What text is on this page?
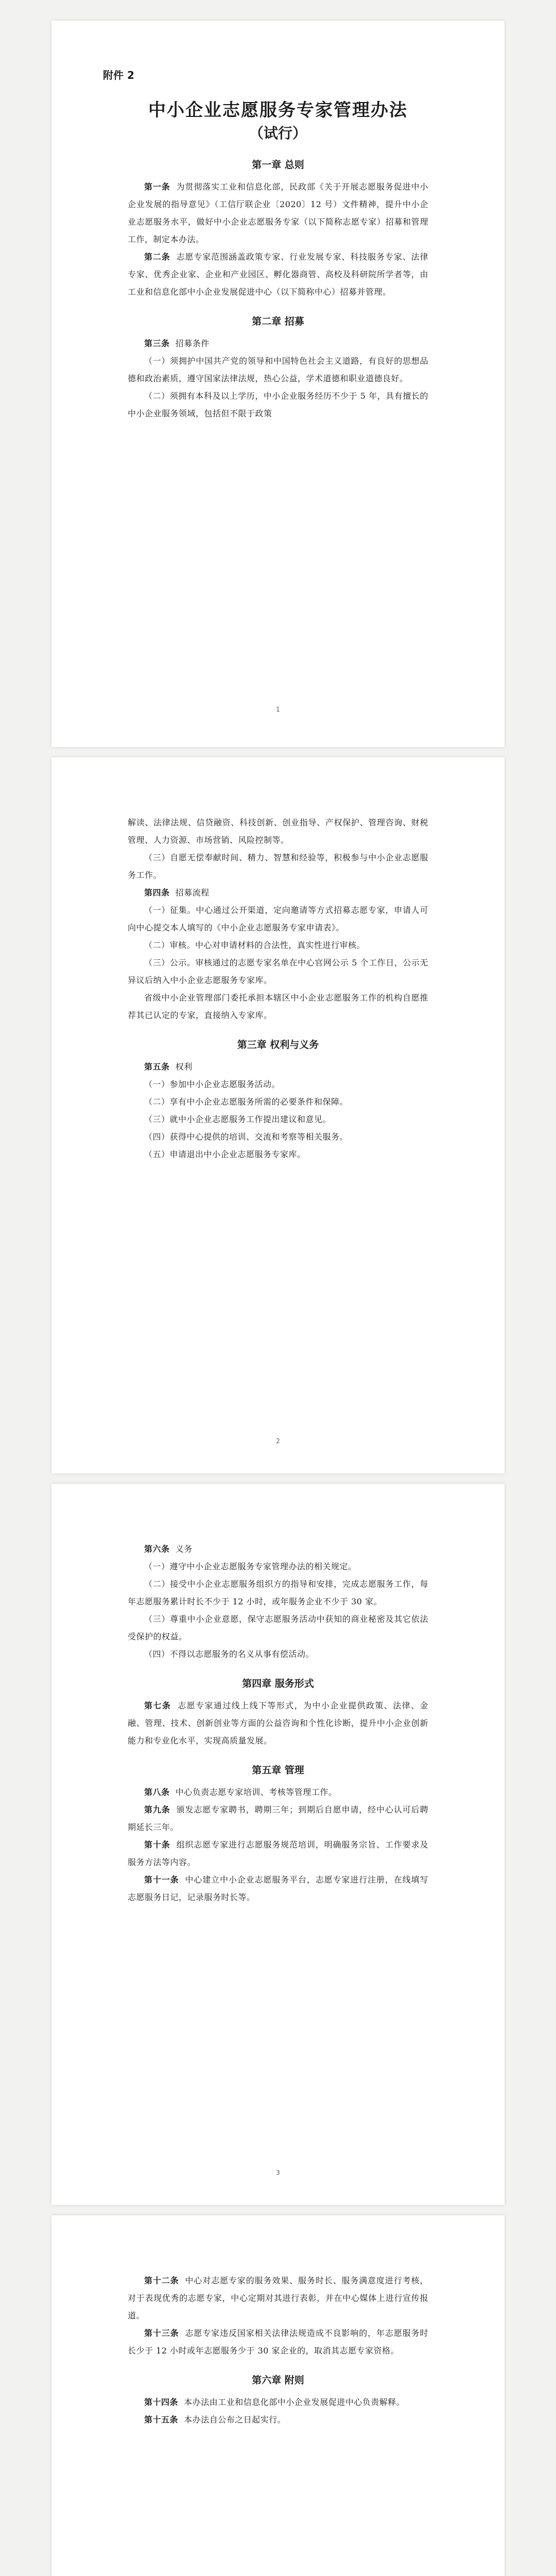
附件 2
中小企业志愿服务专家管理办法
（试行）
第一章 总则

第一条 为贯彻落实工业和信息化部，民政部《关于开展志愿服务促进中小企业发展的指导意见》（工信厅联企业〔2020〕12 号）文件精神，提升中小企业志愿服务水平，做好中小企业志愿服务专家（以下简称志愿专家）招募和管理工作，制定本办法。

第二条 志愿专家范围涵盖政策专家、行业发展专家、科技服务专家、法律专家、优秀企业家、企业和产业园区、孵化器商管、高校及科研院所学者等，由工业和信息化部中小企业发展促进中心（以下简称中心）招募并管理。

第二章 招募

第三条 招募条件

（一）须拥护中国共产党的领导和中国特色社会主义道路，有良好的思想品德和政治素质，遵守国家法律法规，热心公益，学术道德和职业道德良好。

（二）须拥有本科及以上学历，中小企业服务经历不少于 5 年，具有擅长的中小企业服务领域，包括但不限于政策

1

解读、法律法规、信贷融资、科技创新、创业指导、产权保护、管理咨询、财税管理、人力资源、市场营销、风险控制等。

（三）自愿无偿奉献时间、精力、智慧和经验等，积极参与中小企业志愿服务工作。

第四条 招募流程

（一）征集。中心通过公开渠道，定向邀请等方式招募志愿专家，申请人可向中心提交本人填写的《中小企业志愿服务专家申请表》。

（二）审核。中心对申请材料的合法性，真实性进行审核。

（三）公示。审核通过的志愿专家名单在中心官网公示 5 个工作日，公示无异议后纳入中小企业志愿服务专家库。

省级中小企业管理部门委托承担本辖区中小企业志愿服务工作的机构自愿推荐其已认定的专家，直接纳入专家库。

第三章 权利与义务

第五条 权利

（一）参加中小企业志愿服务活动。

（二）享有中小企业志愿服务所需的必要条件和保障。

（三）就中小企业志愿服务工作提出建议和意见。

（四）获得中心提供的培训、交流和考察等相关服务。

（五）申请退出中小企业志愿服务专家库。

2

第六条 义务

（一）遵守中小企业志愿服务专家管理办法的相关规定。

（二）接受中小企业志愿服务组织方的指导和安排，完成志愿服务工作，每年志愿服务累计时长不少于 12 小时，或年服务企业不少于 30 家。

（三）尊重中小企业意愿，保守志愿服务活动中获知的商业秘密及其它依法受保护的权益。

（四）不得以志愿服务的名义从事有偿活动。

第四章 服务形式

第七条 志愿专家通过线上线下等形式，为中小企业提供政策、法律、金融、管理、技术、创新创业等方面的公益咨询和个性化诊断，提升中小企业创新能力和专业化水平，实现高质量发展。

第五章 管理

第八条 中心负责志愿专家培训、考核等管理工作。

第九条 颁发志愿专家聘书，聘期三年；到期后自愿申请，经中心认可后聘期延长三年。

第十条 组织志愿专家进行志愿服务规范培训，明确服务宗旨、工作要求及服务方法等内容。

第十一条 中心建立中小企业志愿服务平台，志愿专家进行注册，在线填写志愿服务日记，记录服务时长等。

3

第十二条 中心对志愿专家的服务效果、服务时长、服务满意度进行考核，对于表现优秀的志愿专家，中心定期对其进行表彰，并在中心媒体上进行宣传报道。

第十三条 志愿专家违反国家相关法律法规造成不良影响的，年志愿服务时长少于 12 小时或年志愿服务少于 30 家企业的，取消其志愿专家资格。

第六章 附则

第十四条 本办法由工业和信息化部中小企业发展促进中心负责解释。

第十五条 本办法自公布之日起实行。
